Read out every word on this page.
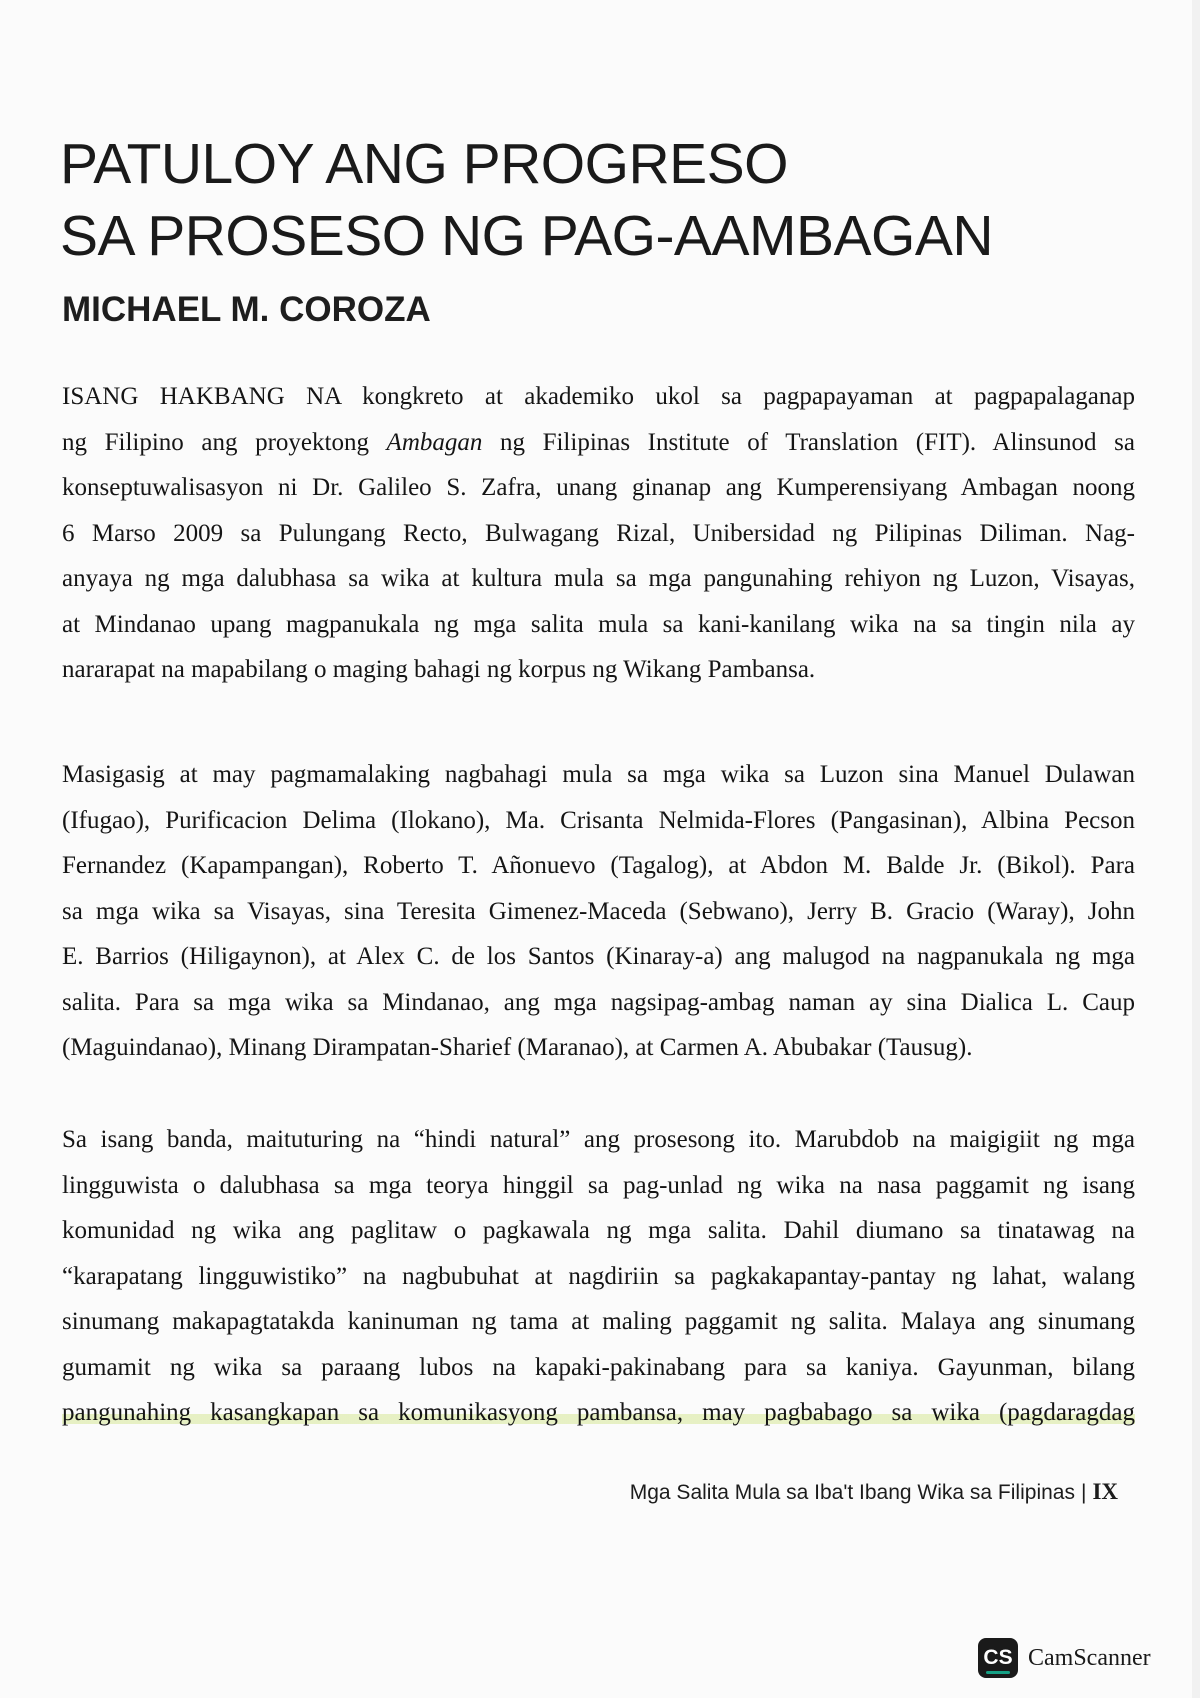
PATULOY ANG PROGRESO
SA PROSESO NG PAG-AAMBAGAN
MICHAEL M. COROZA

ISANG HAKBANG NA kongkreto at akademiko ukol sa pagpapayaman at pagpapalaganap
ng Filipino ang proyektong Ambagan ng Filipinas Institute of Translation (FIT). Alinsunod sa
konseptuwalisasyon ni Dr. Galileo S. Zafra, unang ginanap ang Kumperensiyang Ambagan noong
6 Marso 2009 sa Pulungang Recto, Bulwagang Rizal, Unibersidad ng Pilipinas Diliman. Nag-
anyaya ng mga dalubhasa sa wika at kultura mula sa mga pangunahing rehiyon ng Luzon, Visayas,
at Mindanao upang magpanukala ng mga salita mula sa kani-kanilang wika na sa tingin nila ay
nararapat na mapabilang o maging bahagi ng korpus ng Wikang Pambansa.

Masigasig at may pagmamalaking nagbahagi mula sa mga wika sa Luzon sina Manuel Dulawan
(Ifugao), Purificacion Delima (Ilokano), Ma. Crisanta Nelmida-Flores (Pangasinan), Albina Pecson
Fernandez (Kapampangan), Roberto T. Añonuevo (Tagalog), at Abdon M. Balde Jr. (Bikol). Para
sa mga wika sa Visayas, sina Teresita Gimenez-Maceda (Sebwano), Jerry B. Gracio (Waray), John
E. Barrios (Hiligaynon), at Alex C. de los Santos (Kinaray-a) ang malugod na nagpanukala ng mga
salita. Para sa mga wika sa Mindanao, ang mga nagsipag-ambag naman ay sina Dialica L. Caup
(Maguindanao), Minang Dirampatan-Sharief (Maranao), at Carmen A. Abubakar (Tausug).

Sa isang banda, maituturing na “hindi natural” ang prosesong ito. Marubdob na maigigiit ng mga
lingguwista o dalubhasa sa mga teorya hinggil sa pag-unlad ng wika na nasa paggamit ng isang
komunidad ng wika ang paglitaw o pagkawala ng mga salita. Dahil diumano sa tinatawag na
“karapatang lingguwistiko” na nagbubuhat at nagdiriin sa pagkakapantay-pantay ng lahat, walang
sinumang makapagtatakda kaninuman ng tama at maling paggamit ng salita. Malaya ang sinumang
gumamit ng wika sa paraang lubos na kapaki-pakinabang para sa kaniya. Gayunman, bilang
pangunahing kasangkapan sa komunikasyong pambansa, may pagbabago sa wika (pagdaragdag

Mga Salita Mula sa Iba't Ibang Wika sa Filipinas | IX
CS CamScanner
